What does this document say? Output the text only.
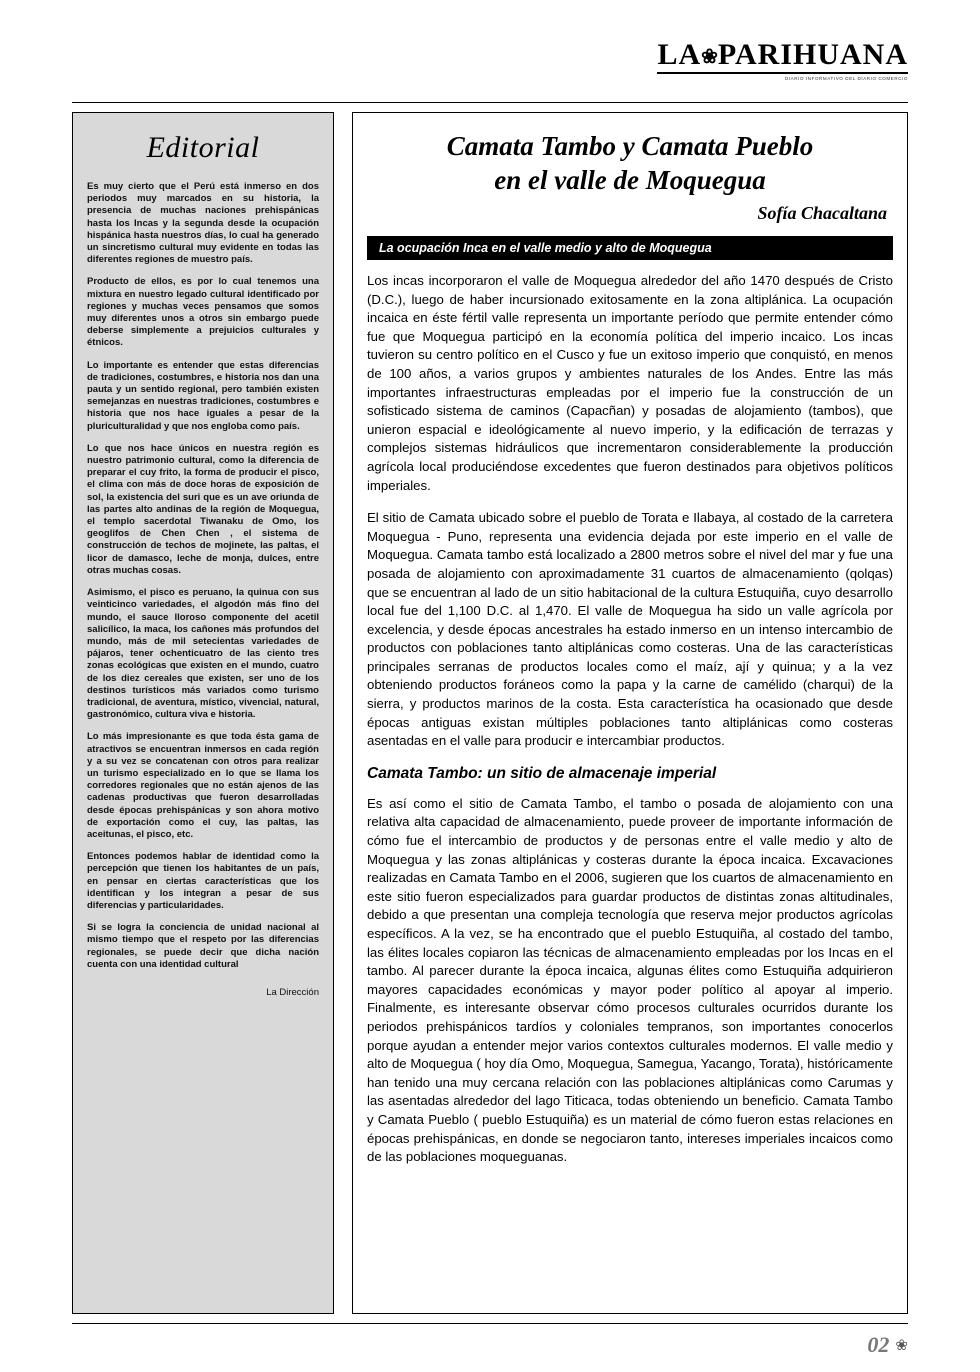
LA❀PARIHUANA
DIARIO INFORMATIVO DEL DIARIO COMERCIO
Editorial

Es muy cierto que el Perú está inmerso en dos periodos muy marcados en su historia, la presencia de muchas naciones prehispánicas hasta los Incas y la segunda desde la ocupación hispánica hasta nuestros días, lo cual ha generado un sincretismo cultural muy evidente en todas las diferentes regiones de muestro país.

Producto de ellos, es por lo cual tenemos una mixtura en nuestro legado cultural identificado por regiones y muchas veces pensamos que somos muy diferentes unos a otros sin embargo puede deberse simplemente a prejuicios culturales y étnicos.

Lo importante es entender que estas diferencias de tradiciones, costumbres, e historia nos dan una pauta y un sentido regional, pero también existen semejanzas en nuestras tradiciones, costumbres e historia que nos hace iguales a pesar de la pluriculturalidad y que nos engloba como país.

Lo que nos hace únicos en nuestra región es nuestro patrimonio cultural, como la diferencia de preparar el cuy frito, la forma de producir el pisco, el clima con más de doce horas de exposición de sol, la existencia del suri que es un ave oriunda de las partes alto andinas de la región de Moquegua, el templo sacerdotal Tiwanaku de Omo, los geoglifos de Chen Chen , el sistema de construcción de techos de mojinete, las paltas, el licor de damasco, leche de monja, dulces, entre otras muchas cosas.

Asimismo, el pisco es peruano, la quinua con sus veinticinco variedades, el algodón más fino del mundo, el sauce lloroso componente del acetil salicílico, la maca, los cañones más profundos del mundo, más de mil setecientas variedades de pájaros, tener ochenticuatro de las ciento tres zonas ecológicas que existen en el mundo, cuatro de los diez cereales que existen, ser uno de los destinos turísticos más variados como turismo tradicional, de aventura, místico, vivencial, natural, gastronómico, cultura viva e historia.

Lo más impresionante es que toda ésta gama de atractivos se encuentran inmersos en cada región y a su vez se concatenan con otros para realizar un turismo especializado en lo que se llama los corredores regionales que no están ajenos de las cadenas productivas que fueron desarrolladas desde épocas prehispánicas y son ahora motivo de exportación como el cuy, las paltas, las aceitunas, el pisco, etc.

Entonces podemos hablar de identidad como la percepción que tienen los habitantes de un país, en pensar en ciertas características que los identifican y los integran a pesar de sus diferencias y particularidades.

Si se logra la conciencia de unidad nacional al mismo tiempo que el respeto por las diferencias regionales, se puede decir que dicha nación cuenta con una identidad cultural

La Dirección

Camata Tambo y Camata Pueblo
en el valle de Moquegua
Sofía Chacaltana
La ocupación Inca en el valle medio y alto de Moquegua

Los incas incorporaron el valle de Moquegua alrededor del año 1470 después de Cristo (D.C.), luego de haber incursionado exitosamente en la zona altiplánica. La ocupación incaica en éste fértil valle representa un importante período que permite entender cómo fue que Moquegua participó en la economía política del imperio incaico. Los incas tuvieron su centro político en el Cusco y fue un exitoso imperio que conquistó, en menos de 100 años, a varios grupos y ambientes naturales de los Andes. Entre las más importantes infraestructuras empleadas por el imperio fue la construcción de un sofisticado sistema de caminos (Capacñan) y posadas de alojamiento (tambos), que unieron espacial e ideológicamente al nuevo imperio, y la edificación de terrazas y complejos sistemas hidráulicos que incrementaron considerablemente la producción agrícola local produciéndose excedentes que fueron destinados para objetivos políticos imperiales.

El sitio de Camata ubicado sobre el pueblo de Torata e Ilabaya, al costado de la carretera Moquegua - Puno, representa una evidencia dejada por este imperio en el valle de Moquegua. Camata tambo está localizado a 2800 metros sobre el nivel del mar y fue una posada de alojamiento con aproximadamente 31 cuartos de almacenamiento (qolqas) que se encuentran al lado de un sitio habitacional de la cultura Estuquiña, cuyo desarrollo local fue del 1,100 D.C. al 1,470. El valle de Moquegua ha sido un valle agrícola por excelencia, y desde épocas ancestrales ha estado inmerso en un intenso intercambio de productos con poblaciones tanto altiplánicas como costeras. Una de las características principales serranas de productos locales como el maíz, ají y quinua; y a la vez obteniendo productos foráneos como la papa y la carne de camélido (charqui) de la sierra, y productos marinos de la costa. Esta característica ha ocasionado que desde épocas antiguas existan múltiples poblaciones tanto altiplánicas como costeras asentadas en el valle para producir e intercambiar productos.

Camata Tambo: un sitio de almacenaje imperial

Es así como el sitio de Camata Tambo, el tambo o posada de alojamiento con una relativa alta capacidad de almacenamiento, puede proveer de importante información de cómo fue el intercambio de productos y de personas entre el valle medio y alto de Moquegua y las zonas altiplánicas y costeras durante la época incaica. Excavaciones realizadas en Camata Tambo en el 2006, sugieren que los cuartos de almacenamiento en este sitio fueron especializados para guardar productos de distintas zonas altitudinales, debido a que presentan una compleja tecnología que reserva mejor productos agrícolas específicos. A la vez, se ha encontrado que el pueblo Estuquiña, al costado del tambo, las élites locales copiaron las técnicas de almacenamiento empleadas por los Incas en el tambo. Al parecer durante la época incaica, algunas élites como Estuquiña adquirieron mayores capacidades económicas y mayor poder político al apoyar al imperio. Finalmente, es interesante observar cómo procesos culturales ocurridos durante los periodos prehispánicos tardíos y coloniales tempranos, son importantes conocerlos porque ayudan a entender mejor varios contextos culturales modernos. El valle medio y alto de Moquegua ( hoy día Omo, Moquegua, Samegua, Yacango, Torata), históricamente han tenido una muy cercana relación con las poblaciones altiplánicas como Carumas y las asentadas alrededor del lago Titicaca, todas obteniendo un beneficio. Camata Tambo y Camata Pueblo ( pueblo Estuquiña) es un material de cómo fueron estas relaciones en épocas prehispánicas, en donde se negociaron tanto, intereses imperiales incaicos como de las poblaciones moqueguanas.

02 ❀
